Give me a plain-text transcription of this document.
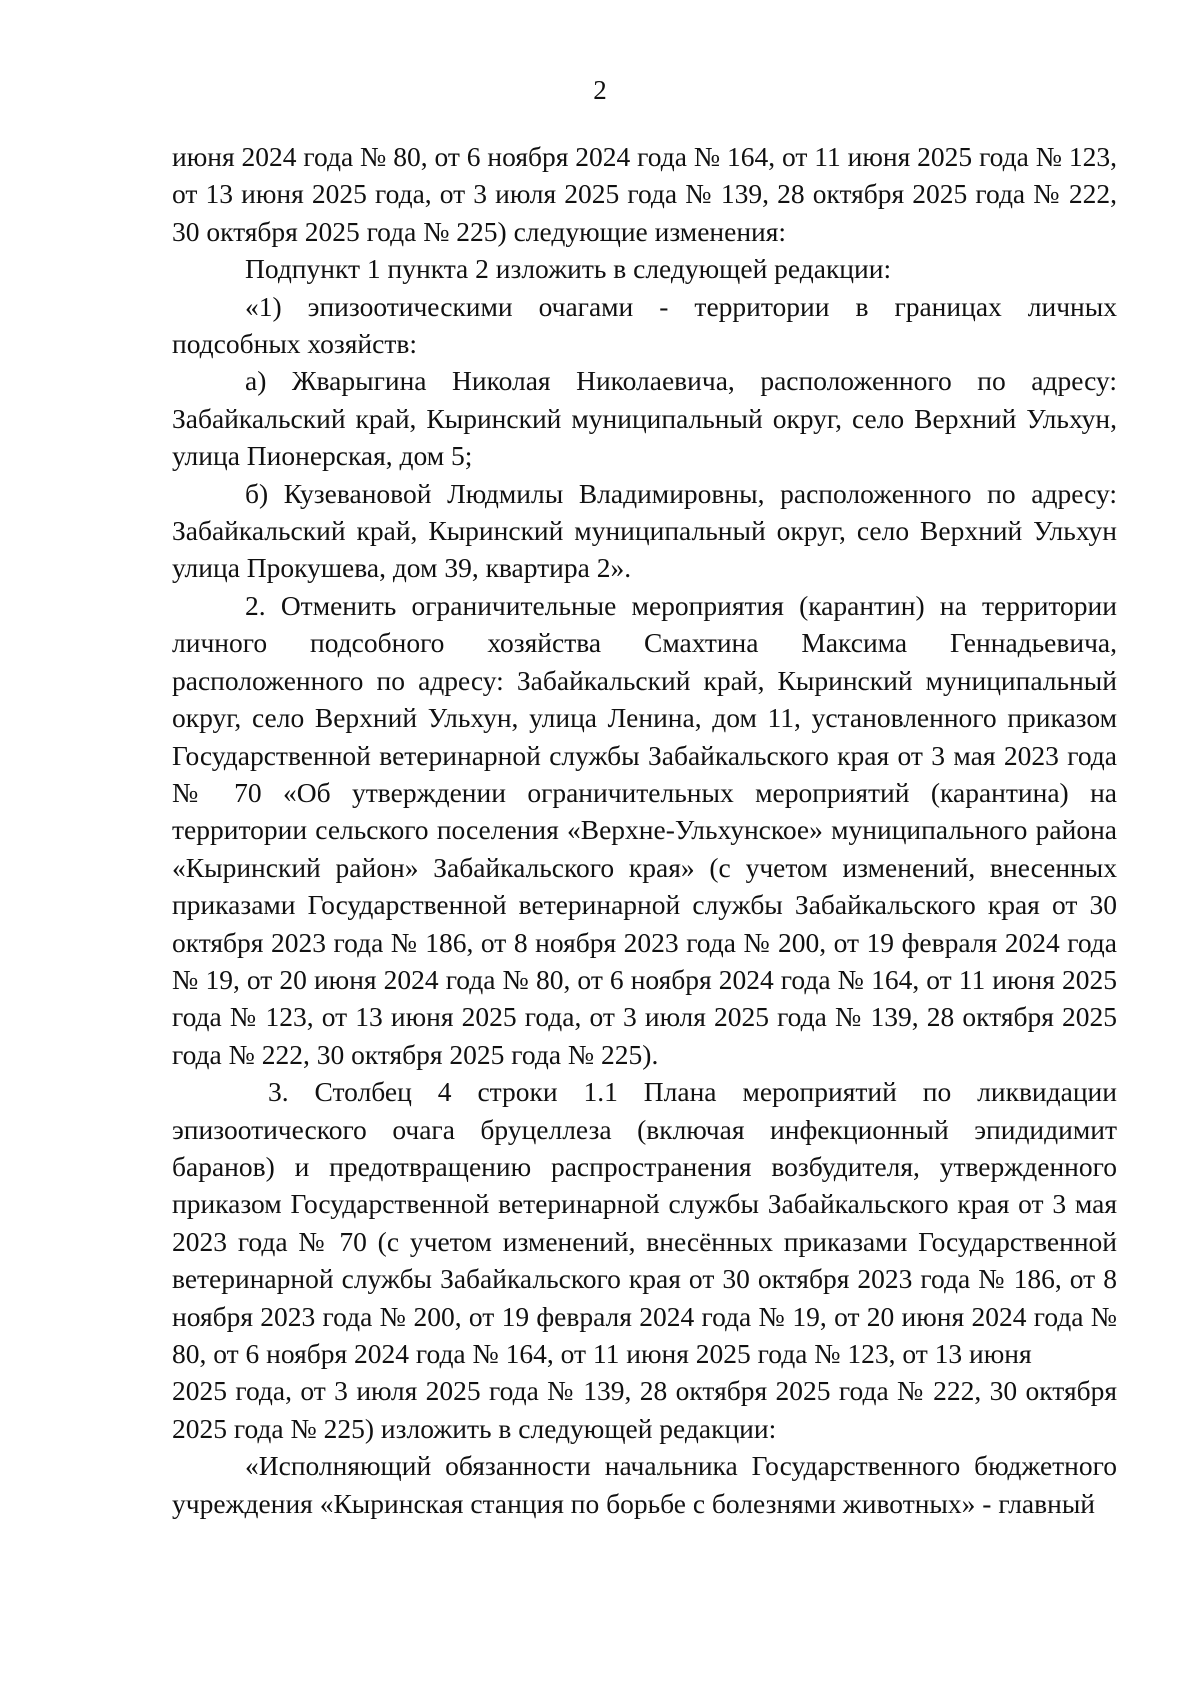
2

июня 2024 года № 80, от 6 ноября 2024 года № 164, от 11 июня 2025 года № 123, от 13 июня 2025 года, от 3 июля 2025 года № 139, 28 октября 2025 года № 222, 30 октября 2025 года № 225) следующие изменения:

Подпункт 1 пункта 2 изложить в следующей редакции:

«1) эпизоотическими очагами - территории в границах личных подсобных хозяйств:

а) Жварыгина Николая Николаевича, расположенного по адресу: Забайкальский край, Кыринский муниципальный округ, село Верхний Ульхун, улица Пионерская, дом 5;

б) Кузевановой Людмилы Владимировны, расположенного по адресу: Забайкальский край, Кыринский муниципальный округ, село Верхний Ульхун улица Прокушева, дом 39, квартира 2».

2. Отменить ограничительные мероприятия (карантин) на территории личного подсобного хозяйства Смахтина Максима Геннадьевича, расположенного по адресу: Забайкальский край, Кыринский муниципальный округ, село Верхний Ульхун, улица Ленина, дом 11, установленного приказом Государственной ветеринарной службы Забайкальского края от 3 мая 2023 года № 70 «Об утверждении ограничительных мероприятий (карантина) на территории сельского поселения «Верхне-Ульхунское» муниципального района «Кыринский район» Забайкальского края» (с учетом изменений, внесенных приказами Государственной ветеринарной службы Забайкальского края от 30 октября 2023 года № 186, от 8 ноября 2023 года № 200, от 19 февраля 2024 года № 19, от 20 июня 2024 года № 80, от 6 ноября 2024 года № 164, от 11 июня 2025 года № 123, от 13 июня 2025 года, от 3 июля 2025 года № 139, 28 октября 2025 года № 222, 30 октября 2025 года № 225).

3. Столбец 4 строки 1.1 Плана мероприятий по ликвидации эпизоотического очага бруцеллеза (включая инфекционный эпидидимит баранов) и предотвращению распространения возбудителя, утвержденного приказом Государственной ветеринарной службы Забайкальского края от 3 мая 2023 года № 70 (с учетом изменений, внесённых приказами Государственной ветеринарной службы Забайкальского края от 30 октября 2023 года № 186, от 8 ноября 2023 года № 200, от 19 февраля 2024 года № 19, от 20 июня 2024 года № 80, от 6 ноября 2024 года № 164, от 11 июня 2025 года № 123, от 13 июня

2025 года, от 3 июля 2025 года № 139, 28 октября 2025 года № 222, 30 октября 2025 года № 225) изложить в следующей редакции:

«Исполняющий обязанности начальника Государственного бюджетного учреждения «Кыринская станция по борьбе с болезнями животных» - главный
